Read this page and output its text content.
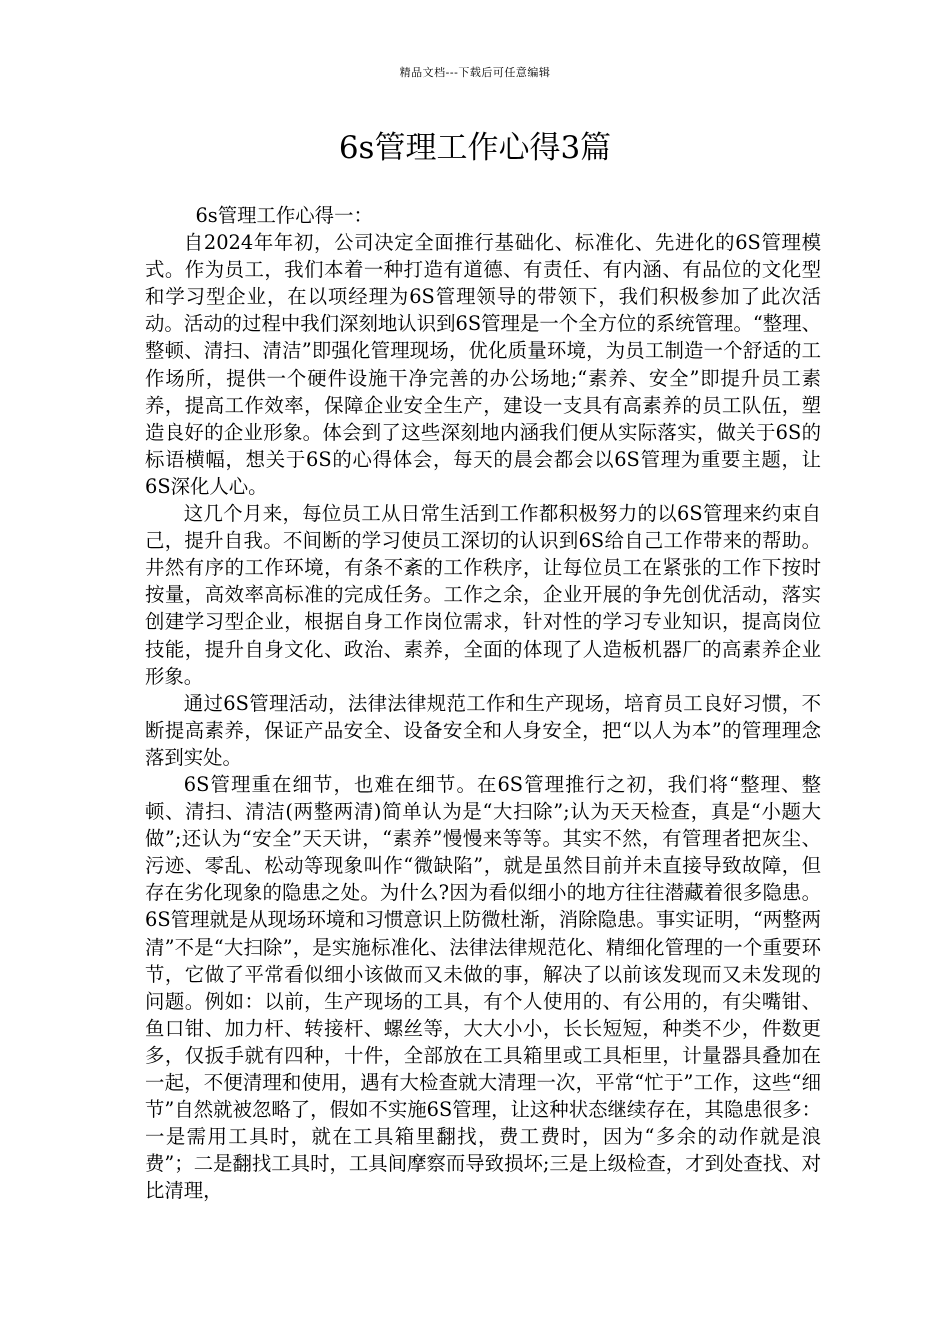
精品文档---下载后可任意编辑
6s管理工作心得3篇

6s管理工作心得一：

自2024年年初，公司决定全面推行基础化、标准化、先进化的6S管理模式。作为员工，我们本着一种打造有道德、有责任、有内涵、有品位的文化型和学习型企业，在以项经理为6S管理领导的带领下，我们积极参加了此次活动。活动的过程中我们深刻地认识到6S管理是一个全方位的系统管理。“整理、整顿、清扫、清洁”即强化管理现场，优化质量环境，为员工制造一个舒适的工作场所，提供一个硬件设施干净完善的办公场地;“素养、安全”即提升员工素养，提高工作效率，保障企业安全生产，建设一支具有高素养的员工队伍，塑造良好的企业形象。体会到了这些深刻地内涵我们便从实际落实，做关于6S的标语横幅，想关于6S的心得体会，每天的晨会都会以6S管理为重要主题，让6S深化人心。

这几个月来，每位员工从日常生活到工作都积极努力的以6S管理来约束自己，提升自我。不间断的学习使员工深切的认识到6S给自己工作带来的帮助。井然有序的工作环境，有条不紊的工作秩序，让每位员工在紧张的工作下按时按量，高效率高标准的完成任务。工作之余，企业开展的争先创优活动，落实创建学习型企业，根据自身工作岗位需求，针对性的学习专业知识，提高岗位技能，提升自身文化、政治、素养，全面的体现了人造板机器厂的高素养企业形象。

通过6S管理活动，法律法律规范工作和生产现场，培育员工良好习惯，不断提高素养，保证产品安全、设备安全和人身安全，把“以人为本”的管理理念落到实处。

6S管理重在细节，也难在细节。在6S管理推行之初，我们将“整理、整顿、清扫、清洁(两整两清)简单认为是“大扫除”;认为天天检查，真是“小题大做”;还认为“安全”天天讲，“素养”慢慢来等等。其实不然，有管理者把灰尘、污迹、零乱、松动等现象叫作“微缺陷”，就是虽然目前并未直接导致故障，但存在劣化现象的隐患之处。为什么?因为看似细小的地方往往潜藏着很多隐患。6S管理就是从现场环境和习惯意识上防微杜渐，消除隐患。事实证明，“两整两清”不是“大扫除”，是实施标准化、法律法律规范化、精细化管理的一个重要环节，它做了平常看似细小该做而又未做的事，解决了以前该发现而又未发现的问题。例如：以前，生产现场的工具，有个人使用的、有公用的，有尖嘴钳、鱼口钳、加力杆、转接杆、螺丝等，大大小小，长长短短，种类不少，件数更多，仅扳手就有四种，十件，全部放在工具箱里或工具柜里，计量器具叠加在一起，不便清理和使用，遇有大检查就大清理一次，平常“忙于”工作，这些“细节”自然就被忽略了，假如不实施6S管理，让这种状态继续存在，其隐患很多：一是需用工具时，就在工具箱里翻找，费工费时，因为“多余的动作就是浪费”；二是翻找工具时，工具间摩察而导致损坏;三是上级检查，才到处查找、对比清理，
